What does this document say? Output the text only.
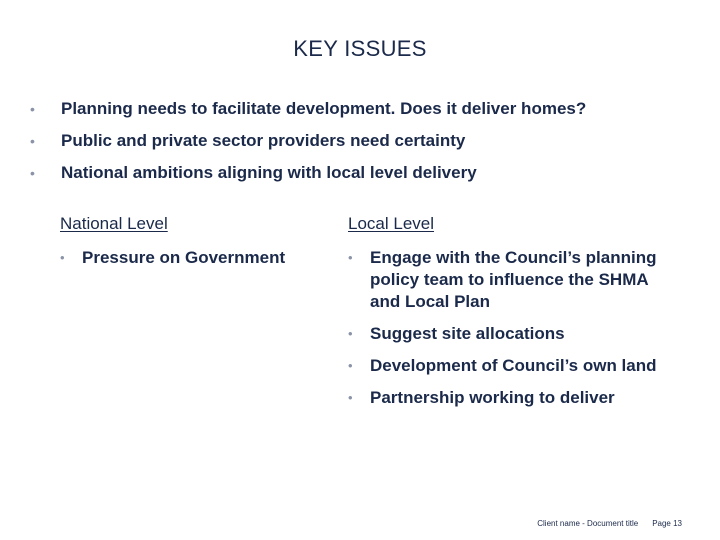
KEY ISSUES
•	Planning needs to facilitate development. Does it deliver homes?
•	Public and private sector providers need certainty
•	National ambitions aligning with local level delivery
National Level
•	Pressure on Government
Local Level
•	Engage with the Council’s planning policy team to influence the SHMA and Local Plan
•	Suggest site allocations
•	Development of Council’s own land
•	Partnership working to deliver
Client name - Document title Page 13
